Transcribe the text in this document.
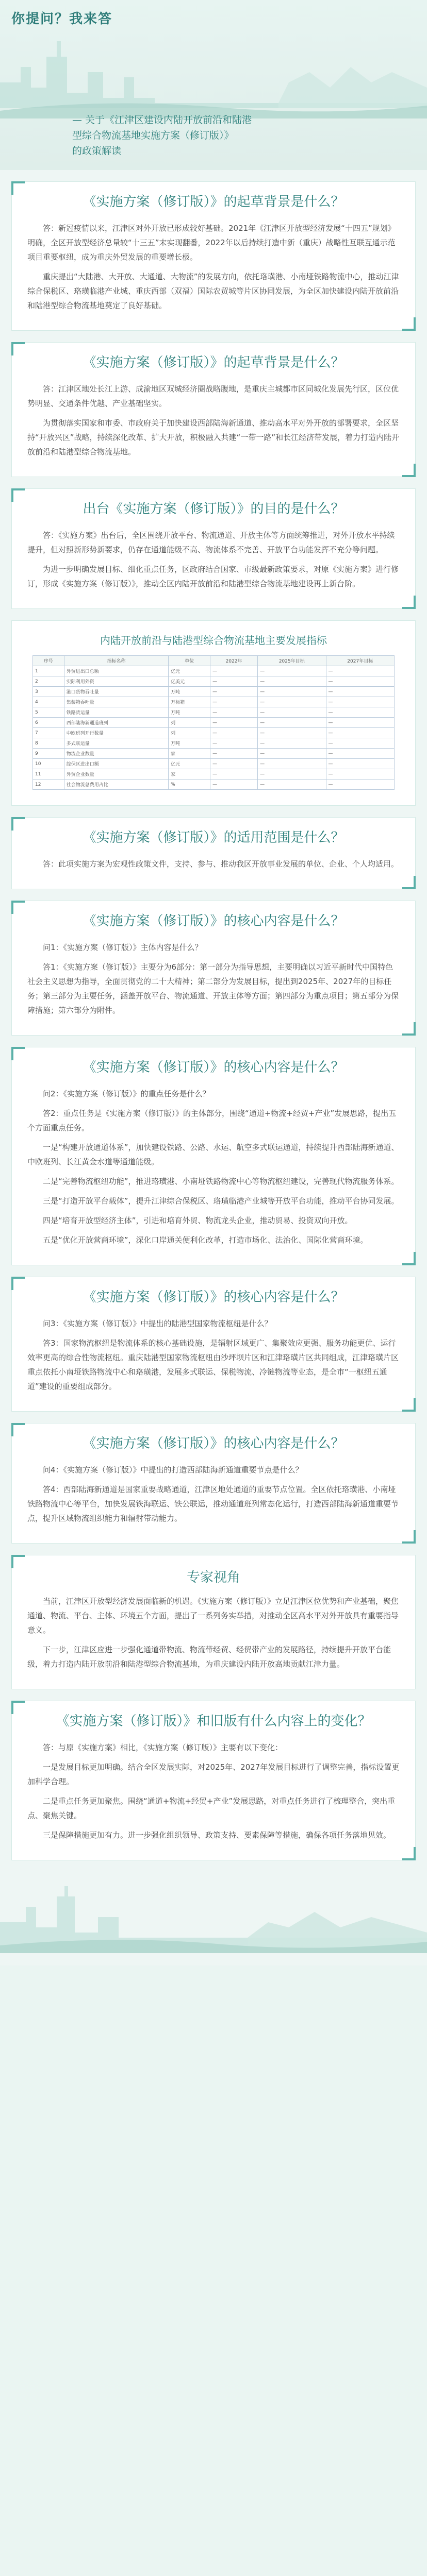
你提问？我来答
— 关于《江津区建设内陆开放前沿和陆港
型综合物流基地实施方案（修订版）》
的政策解读
《实施方案（修订版）》的起草背景是什么？

答：新冠疫情以来，江津区对外开放已形成较好基础。2021年《江津区开放型经济发展“十四五”规划》明确，全区开放型经济总量较“十三五”末实现翻番，2022年以后持续打造中新（重庆）战略性互联互通示范项目重要枢纽，成为重庆外贸发展的重要增长极。

重庆提出“大陆港、大开放、大通道、大物流”的发展方向，依托珞璜港、小南垭铁路物流中心，推动江津综合保税区、珞璜临港产业城、重庆西部（双福）国际农贸城等片区协同发展，为全区加快建设内陆开放前沿和陆港型综合物流基地奠定了良好基础。

《实施方案（修订版）》的起草背景是什么？

答：江津区地处长江上游、成渝地区双城经济圈战略腹地，是重庆主城都市区同城化发展先行区，区位优势明显、交通条件优越、产业基础坚实。

为贯彻落实国家和市委、市政府关于加快建设西部陆海新通道、推动高水平对外开放的部署要求，全区坚持“开放兴区”战略，持续深化改革、扩大开放，积极融入共建“一带一路”和长江经济带发展，着力打造内陆开放前沿和陆港型综合物流基地。

出台《实施方案（修订版）》的目的是什么？

答：《实施方案》出台后，全区围绕开放平台、物流通道、开放主体等方面统筹推进，对外开放水平持续提升，但对照新形势新要求，仍存在通道能级不高、物流体系不完善、开放平台功能发挥不充分等问题。

为进一步明确发展目标、细化重点任务，区政府结合国家、市级最新政策要求，对原《实施方案》进行修订，形成《实施方案（修订版）》，推动全区内陆开放前沿和陆港型综合物流基地建设再上新台阶。

内陆开放前沿与陆港型综合物流基地主要发展指标
序号	指标名称	单位	2022年	2025年目标	2027年目标
1	外贸进出口总额	亿元	—	—	—
2	实际利用外资	亿美元	—	—	—
3	港口货物吞吐量	万吨	—	—	—
4	集装箱吞吐量	万标箱	—	—	—
5	铁路货运量	万吨	—	—	—
6	西部陆海新通道班列	列	—	—	—
7	中欧班列开行数量	列	—	—	—
8	多式联运量	万吨	—	—	—
9	物流企业数量	家	—	—	—
10	综保区进出口额	亿元	—	—	—
11	外贸企业数量	家	—	—	—
12	社会物流总费用占比	%	—	—	—
《实施方案（修订版）》的适用范围是什么？

答：此项实施方案为宏观性政策文件，支持、参与、推动我区开放事业发展的单位、企业、个人均适用。

《实施方案（修订版）》的核心内容是什么？

问1：《实施方案（修订版）》主体内容是什么？

答1：《实施方案（修订版）》主要分为6部分：第一部分为指导思想，主要明确以习近平新时代中国特色社会主义思想为指导，全面贯彻党的二十大精神；第二部分为发展目标，提出到2025年、2027年的目标任务；第三部分为主要任务，涵盖开放平台、物流通道、开放主体等方面；第四部分为重点项目；第五部分为保障措施；第六部分为附件。

《实施方案（修订版）》的核心内容是什么？

问2：《实施方案（修订版）》的重点任务是什么？

答2：重点任务是《实施方案（修订版）》的主体部分，围绕“通道+物流+经贸+产业”发展思路，提出五个方面重点任务。

一是“构建开放通道体系”，加快建设铁路、公路、水运、航空多式联运通道，持续提升西部陆海新通道、中欧班列、长江黄金水道等通道能级。

二是“完善物流枢纽功能”，推进珞璜港、小南垭铁路物流中心等物流枢纽建设，完善现代物流服务体系。

三是“打造开放平台载体”，提升江津综合保税区、珞璜临港产业城等开放平台功能，推动平台协同发展。

四是“培育开放型经济主体”，引进和培育外贸、物流龙头企业，推动贸易、投资双向开放。

五是“优化开放营商环境”，深化口岸通关便利化改革，打造市场化、法治化、国际化营商环境。

《实施方案（修订版）》的核心内容是什么？

问3：《实施方案（修订版）》中提出的陆港型国家物流枢纽是什么？

答3：国家物流枢纽是物流体系的核心基础设施，是辐射区域更广、集聚效应更强、服务功能更优、运行效率更高的综合性物流枢纽。重庆陆港型国家物流枢纽由沙坪坝片区和江津珞璜片区共同组成，江津珞璜片区重点依托小南垭铁路物流中心和珞璜港，发展多式联运、保税物流、冷链物流等业态，是全市“一枢纽五通道”建设的重要组成部分。

《实施方案（修订版）》的核心内容是什么？

问4：《实施方案（修订版）》中提出的打造西部陆海新通道重要节点是什么？

答4：西部陆海新通道是国家重要战略通道，江津区地处通道的重要节点位置。全区依托珞璜港、小南垭铁路物流中心等平台，加快发展铁海联运、铁公联运，推动通道班列常态化运行，打造西部陆海新通道重要节点，提升区域物流组织能力和辐射带动能力。

专家视角

当前，江津区开放型经济发展面临新的机遇。《实施方案（修订版）》立足江津区位优势和产业基础，聚焦通道、物流、平台、主体、环境五个方面，提出了一系列务实举措，对推动全区高水平对外开放具有重要指导意义。

下一步，江津区应进一步强化通道带物流、物流带经贸、经贸带产业的发展路径，持续提升开放平台能级，着力打造内陆开放前沿和陆港型综合物流基地，为重庆建设内陆开放高地贡献江津力量。

《实施方案（修订版）》和旧版有什么内容上的变化？

答：与原《实施方案》相比，《实施方案（修订版）》主要有以下变化：

一是发展目标更加明确。结合全区发展实际，对2025年、2027年发展目标进行了调整完善，指标设置更加科学合理。

二是重点任务更加聚焦。围绕“通道+物流+经贸+产业”发展思路，对重点任务进行了梳理整合，突出重点、聚焦关键。

三是保障措施更加有力。进一步强化组织领导、政策支持、要素保障等措施，确保各项任务落地见效。
